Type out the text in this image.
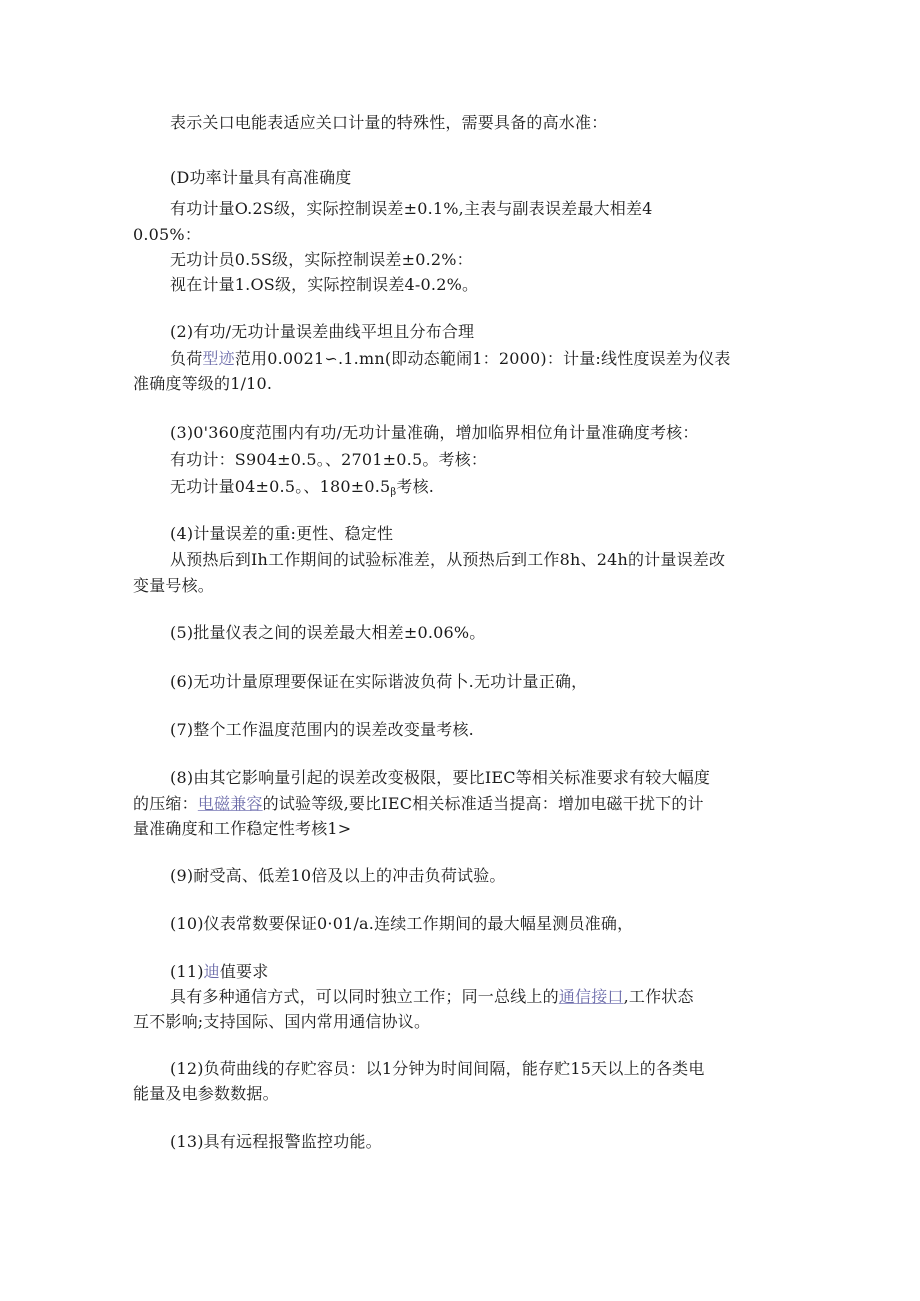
表示关口电能表适应关口计量的特殊性，需要具备的高水准：
(D功率计量具有高准确度
有功计量O.2S级，实际控制误差±0.1%,主表与副表误差最大相差4
0.05%：
无功计员0.5S级，实际控制误差±0.2%：
视在计量1.OS级，实际控制误差4-0.2%。
(2)有功/无功计量误差曲线平坦且分布合理
负荷型迹范用0.0021∽.1.mn(即动态範闹1：2000)：计量:线性度误差为仪表
准确度等级的1/10.
(3)0'360度范围内有功/无功计量准确，增加临界相位角计量准确度考核：
有功计：S904±0.5。、2701±0.5。考核：
无功计量04±0.5。、$180\pm 0.5_\beta$考核.
(4)计量误差的重:更性、稳定性
从预热后到Ih工作期间的试验标准差，从预热后到工作8h、24h的计量误差改
变量号核。
(5)批量仪表之间的误差最大相差±0.06%。
(6)无功计量原理要保证在实际谐波负荷卜.无功计量正确，
(7)整个工作温度范围内的误差改变量考核.
(8)由其它影响量引起的误差改变极限，要比IEC等相关标准要求有较大幅度
的压缩：电磁兼容的试验等级,要比IEC相关标准适当提高：增加电磁干扰下的计
量准确度和工作稳定性考核1>
(9)耐受高、低差10倍及以上的冲击负荷试验。
(10)仪表常数要保证0·01/a.连续工作期间的最大幅星测员准确，
(11)迪值要求
具有多种通信方式，可以同时独立工作；同一总线上的通信接口,工作状态
互不影响;支持国际、国内常用通信协议。
(12)负荷曲线的存贮容员：以1分钟为时间间隔，能存贮15天以上的各类电
能量及电参数数据。
(13)具有远程报警监控功能。
